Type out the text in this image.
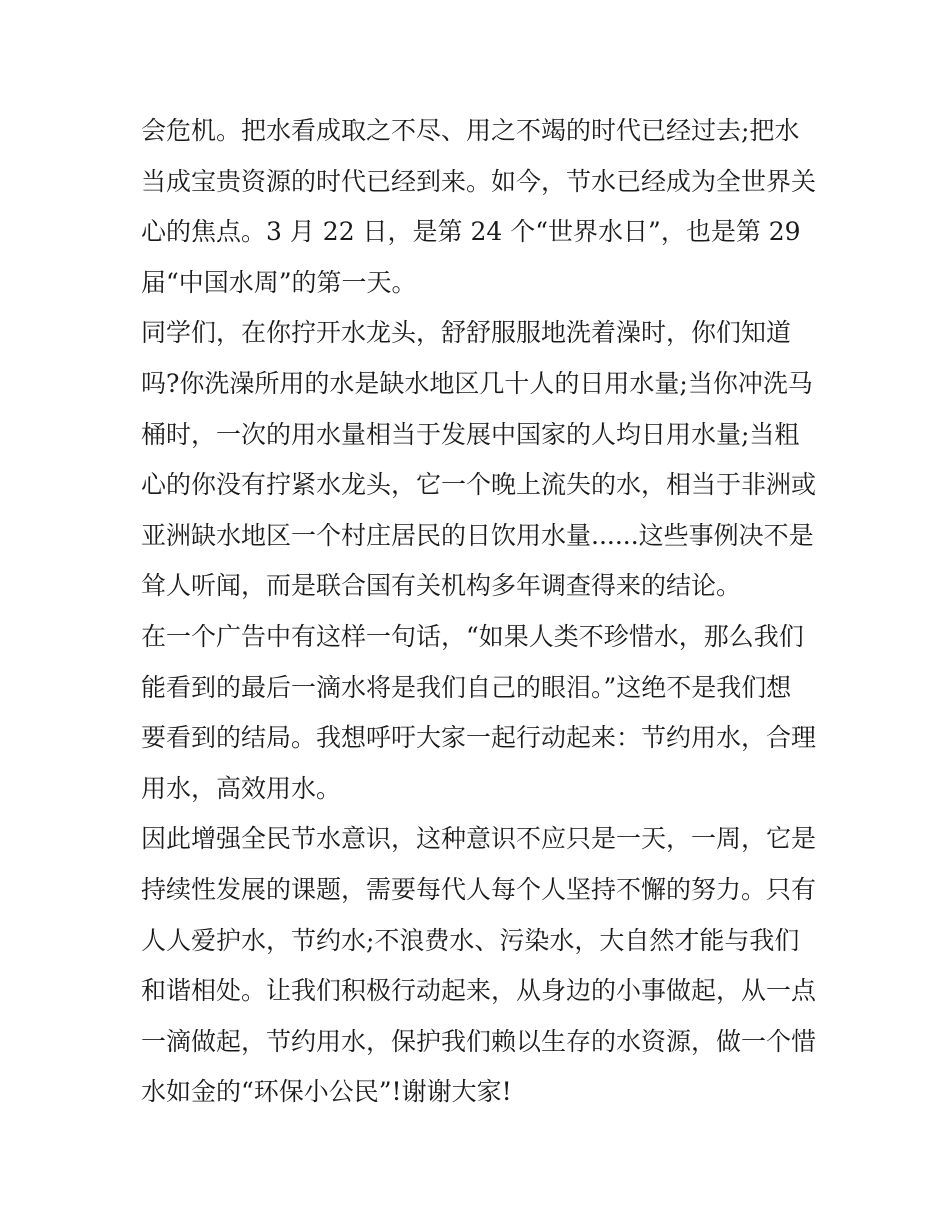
会危机。把水看成取之不尽、用之不竭的时代已经过去;把水
当成宝贵资源的时代已经到来。如今，节水已经成为全世界关
心的焦点。3 月 22 日，是第 24 个“世界水日”，也是第 29
届“中国水周”的第一天。
同学们，在你拧开水龙头，舒舒服服地洗着澡时，你们知道
吗?你洗澡所用的水是缺水地区几十人的日用水量;当你冲洗马
桶时，一次的用水量相当于发展中国家的人均日用水量;当粗
心的你没有拧紧水龙头，它一个晚上流失的水，相当于非洲或
亚洲缺水地区一个村庄居民的日饮用水量......这些事例决不是
耸人听闻，而是联合国有关机构多年调查得来的结论。
在一个广告中有这样一句话，“如果人类不珍惜水，那么我们
能看到的最后一滴水将是我们自己的眼泪。”这绝不是我们想
要看到的结局。我想呼吁大家一起行动起来：节约用水，合理
用水，高效用水。
因此增强全民节水意识，这种意识不应只是一天，一周，它是
持续性发展的课题，需要每代人每个人坚持不懈的努力。只有
人人爱护水，节约水;不浪费水、污染水，大自然才能与我们
和谐相处。让我们积极行动起来，从身边的小事做起，从一点
一滴做起，节约用水，保护我们赖以生存的水资源，做一个惜
水如金的“环保小公民”!谢谢大家!
